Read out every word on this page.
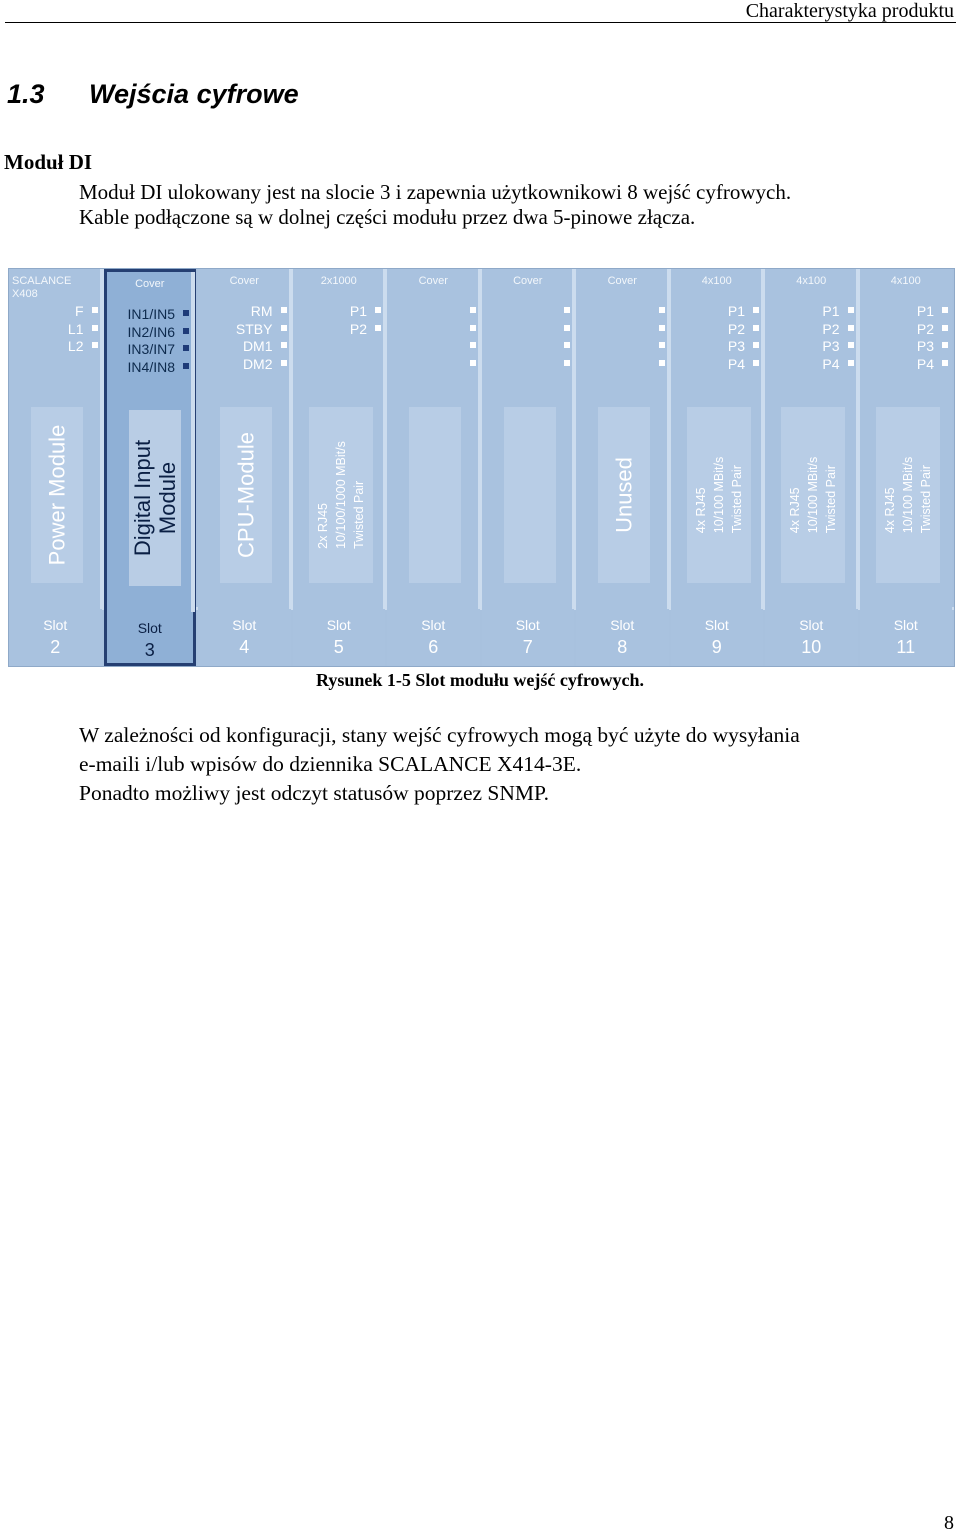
Charakterystyka produktu
1.3 Wejścia cyfrowe
Moduł DI
Moduł DI ulokowany jest na slocie 3 i zapewnia użytkownikowi 8 wejść cyfrowych.
Kable podłączone są w dolnej części modułu przez dwa 5-pinowe złącza.
SCALANCE
X408
F
L1
L2
Power Module
Slot
2
Cover
IN1/IN5
IN2/IN6
IN3/IN7
IN4/IN8
Digital Input Module
Slot
3
Cover
RM
STBY
DM1
DM2
CPU-Module
Slot
4
2x1000
P1
P2
2x RJ45 10/100/1000 MBit/s Twisted Pair
Slot
5
Cover
Slot
6
Cover
Slot
7
Cover
Unused
Slot
8
4x100
P1
P2
P3
P4
4x RJ45 10/100 MBit/s Twisted Pair
Slot
9
4x100
P1
P2
P3
P4
4x RJ45 10/100 MBit/s Twisted Pair
Slot
10
4x100
P1
P2
P3
P4
4x RJ45 10/100 MBit/s Twisted Pair
Slot
11
Rysunek 1-5 Slot modułu wejść cyfrowych.
W zależności od konfiguracji, stany wejść cyfrowych mogą być użyte do wysyłania
e-maili i/lub wpisów do dziennika SCALANCE X414-3E.
Ponadto możliwy jest odczyt statusów poprzez SNMP.
8
